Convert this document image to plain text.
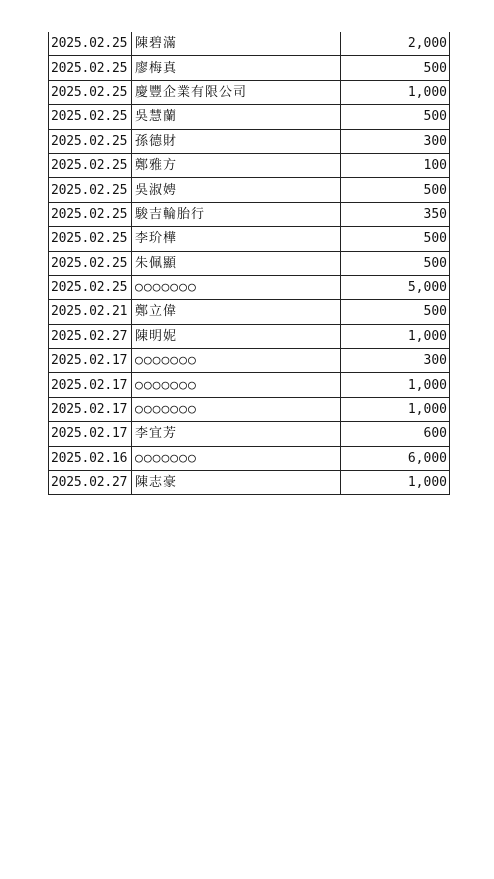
2025.02.25	陳碧滿	2,000
2025.02.25	廖梅真	500
2025.02.25	慶豐企業有限公司	1,000
2025.02.25	吳慧蘭	500
2025.02.25	孫德財	300
2025.02.25	鄭雅方	100
2025.02.25	吳淑娉	500
2025.02.25	駿吉輪胎行	350
2025.02.25	李玠樺	500
2025.02.25	朱佩顯	500
2025.02.25	○○○○○○○	5,000
2025.02.21	鄭立偉	500
2025.02.27	陳明妮	1,000
2025.02.17	○○○○○○○	300
2025.02.17	○○○○○○○	1,000
2025.02.17	○○○○○○○	1,000
2025.02.17	李宜芳	600
2025.02.16	○○○○○○○	6,000
2025.02.27	陳志豪	1,000
